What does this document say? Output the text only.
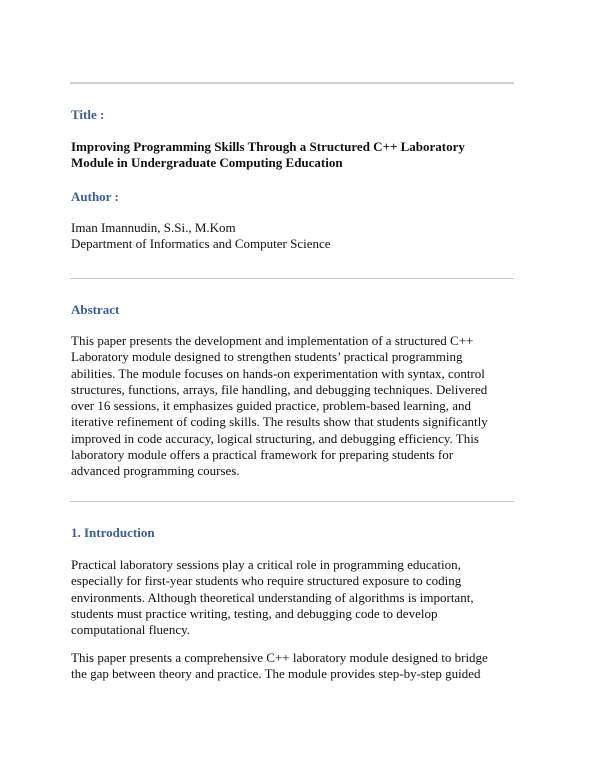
Title :
Improving Programming Skills Through a Structured C++ Laboratory
Module in Undergraduate Computing Education
Author :

Iman Imannudin, S.Si., M.Kom

Department of Informatics and Computer Science

Abstract
This paper presents the development and implementation of a structured C++
Laboratory module designed to strengthen students’ practical programming
abilities. The module focuses on hands-on experimentation with syntax, control
structures, functions, arrays, file handling, and debugging techniques. Delivered
over 16 sessions, it emphasizes guided practice, problem-based learning, and
iterative refinement of coding skills. The results show that students significantly
improved in code accuracy, logical structuring, and debugging efficiency. This
laboratory module offers a practical framework for preparing students for
advanced programming courses.
1. Introduction
Practical laboratory sessions play a critical role in programming education,
especially for first-year students who require structured exposure to coding
environments. Although theoretical understanding of algorithms is important,
students must practice writing, testing, and debugging code to develop
computational fluency.
This paper presents a comprehensive C++ laboratory module designed to bridge
the gap between theory and practice. The module provides step-by-step guided
